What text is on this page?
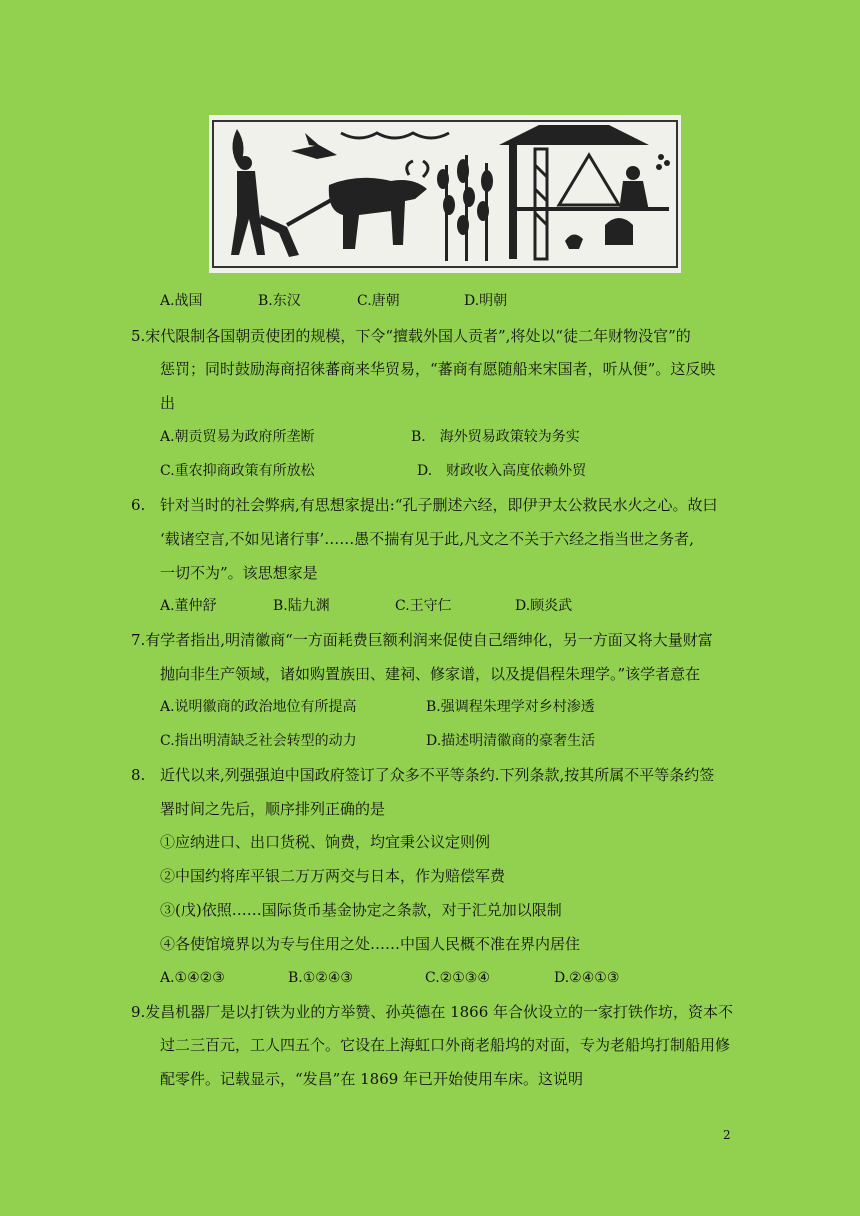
A.战国	B.东汉	C.唐朝	D.明朝
5.宋代限制各国朝贡使团的规模，下令“擅载外国人贡者”,将处以“徒二年财物没官”的
惩罚；同时鼓励海商招徕蕃商来华贸易，“蕃商有愿随船来宋国者，听从便”。这反映
出
A.朝贡贸易为政府所垄断	B.　海外贸易政策较为务实
C.重农抑商政策有所放松	D.　财政收入高度依赖外贸
6. 针对当时的社会弊病,有思想家提出:“孔子删述六经，即伊尹太公救民水火之心。故曰
‘载诸空言,不如见诸行事’……愚不揣有见于此,凡文之不关于六经之指当世之务者,
一切不为”。该思想家是
A.董仲舒	B.陆九渊	C.王守仁	D.顾炎武
7.有学者指出,明清徽商“一方面耗费巨额利润来促使自己缙绅化，另一方面又将大量财富
抛向非生产领域，诸如购置族田、建祠、修家谱，以及提倡程朱理学。”该学者意在
A.说明徽商的政治地位有所提高	B.强调程朱理学对乡村渗透
C.指出明清缺乏社会转型的动力	D.描述明清徽商的豪奢生活
8. 近代以来,列强强迫中国政府签订了众多不平等条约.下列条款,按其所属不平等条约签
署时间之先后，顺序排列正确的是
①应纳进口、出口货税、饷费，均宜秉公议定则例
②中国约将库平银二万万两交与日本，作为赔偿军费
③(戊)依照……国际货币基金协定之条款，对于汇兑加以限制
④各使馆境界以为专与住用之处……中国人民概不准在界内居住
A.①④②③	B.①②④③	C.②①③④	D.②④①③
9.发昌机器厂是以打铁为业的方举赞、孙英德在 1866 年合伙设立的一家打铁作坊，资本不
过二三百元，工人四五个。它设在上海虹口外商老船坞的对面，专为老船坞打制船用修
配零件。记载显示，“发昌”在 1869 年已开始使用车床。这说明
2
